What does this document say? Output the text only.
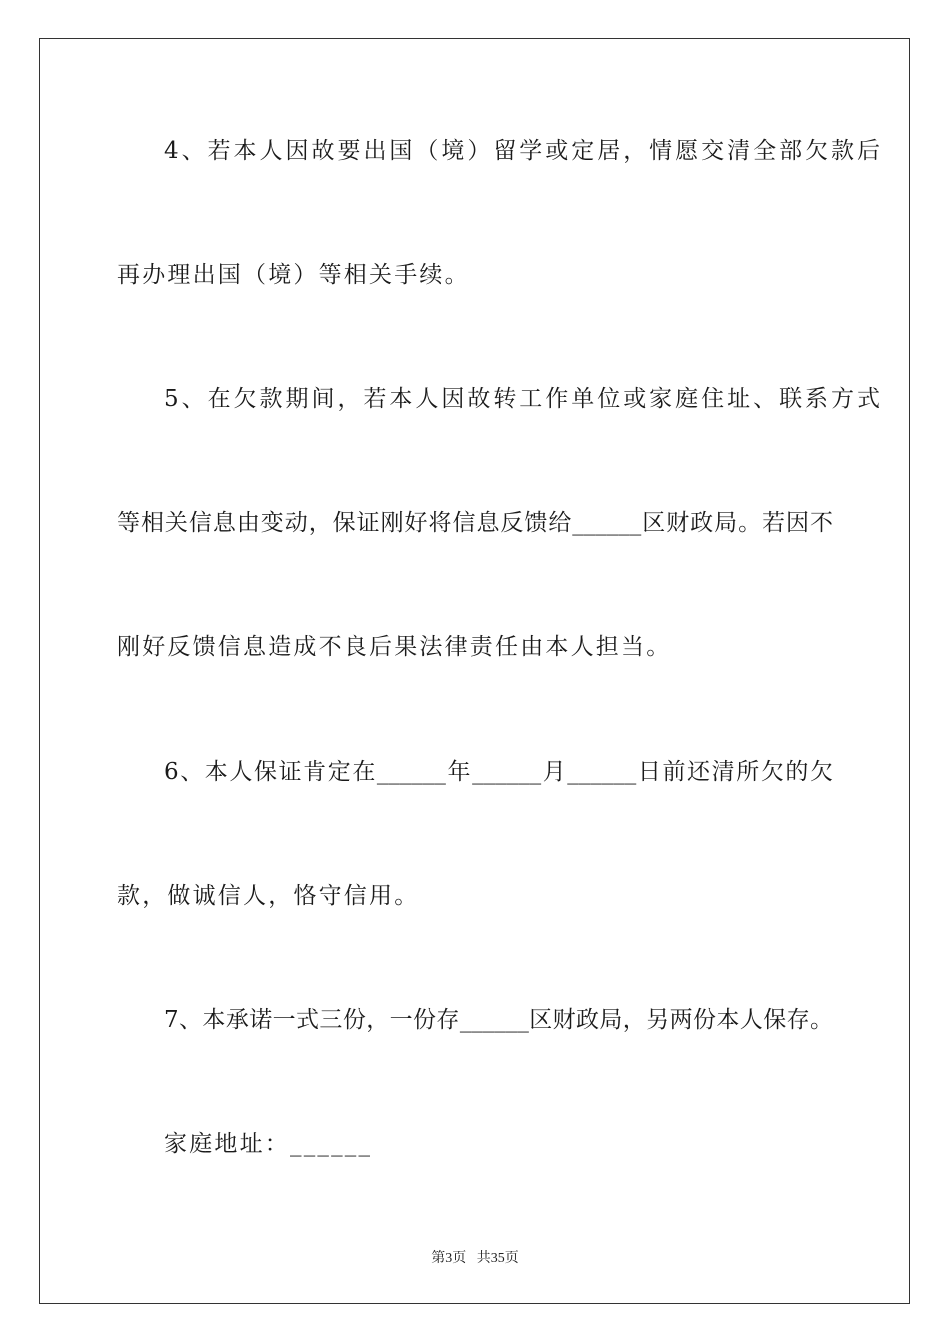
4、若本人因故要出国（境）留学或定居，情愿交清全部欠款后
再办理出国（境）等相关手续。
5、在欠款期间，若本人因故转工作单位或家庭住址、联系方式
等相关信息由变动，保证刚好将信息反馈给______区财政局。若因不
刚好反馈信息造成不良后果法律责任由本人担当。
6、本人保证肯定在______年______月______日前还清所欠的欠
款，做诚信人，恪守信用。
7、本承诺一式三份，一份存______区财政局，另两份本人保存。
家庭地址：______
第3页   共35页
